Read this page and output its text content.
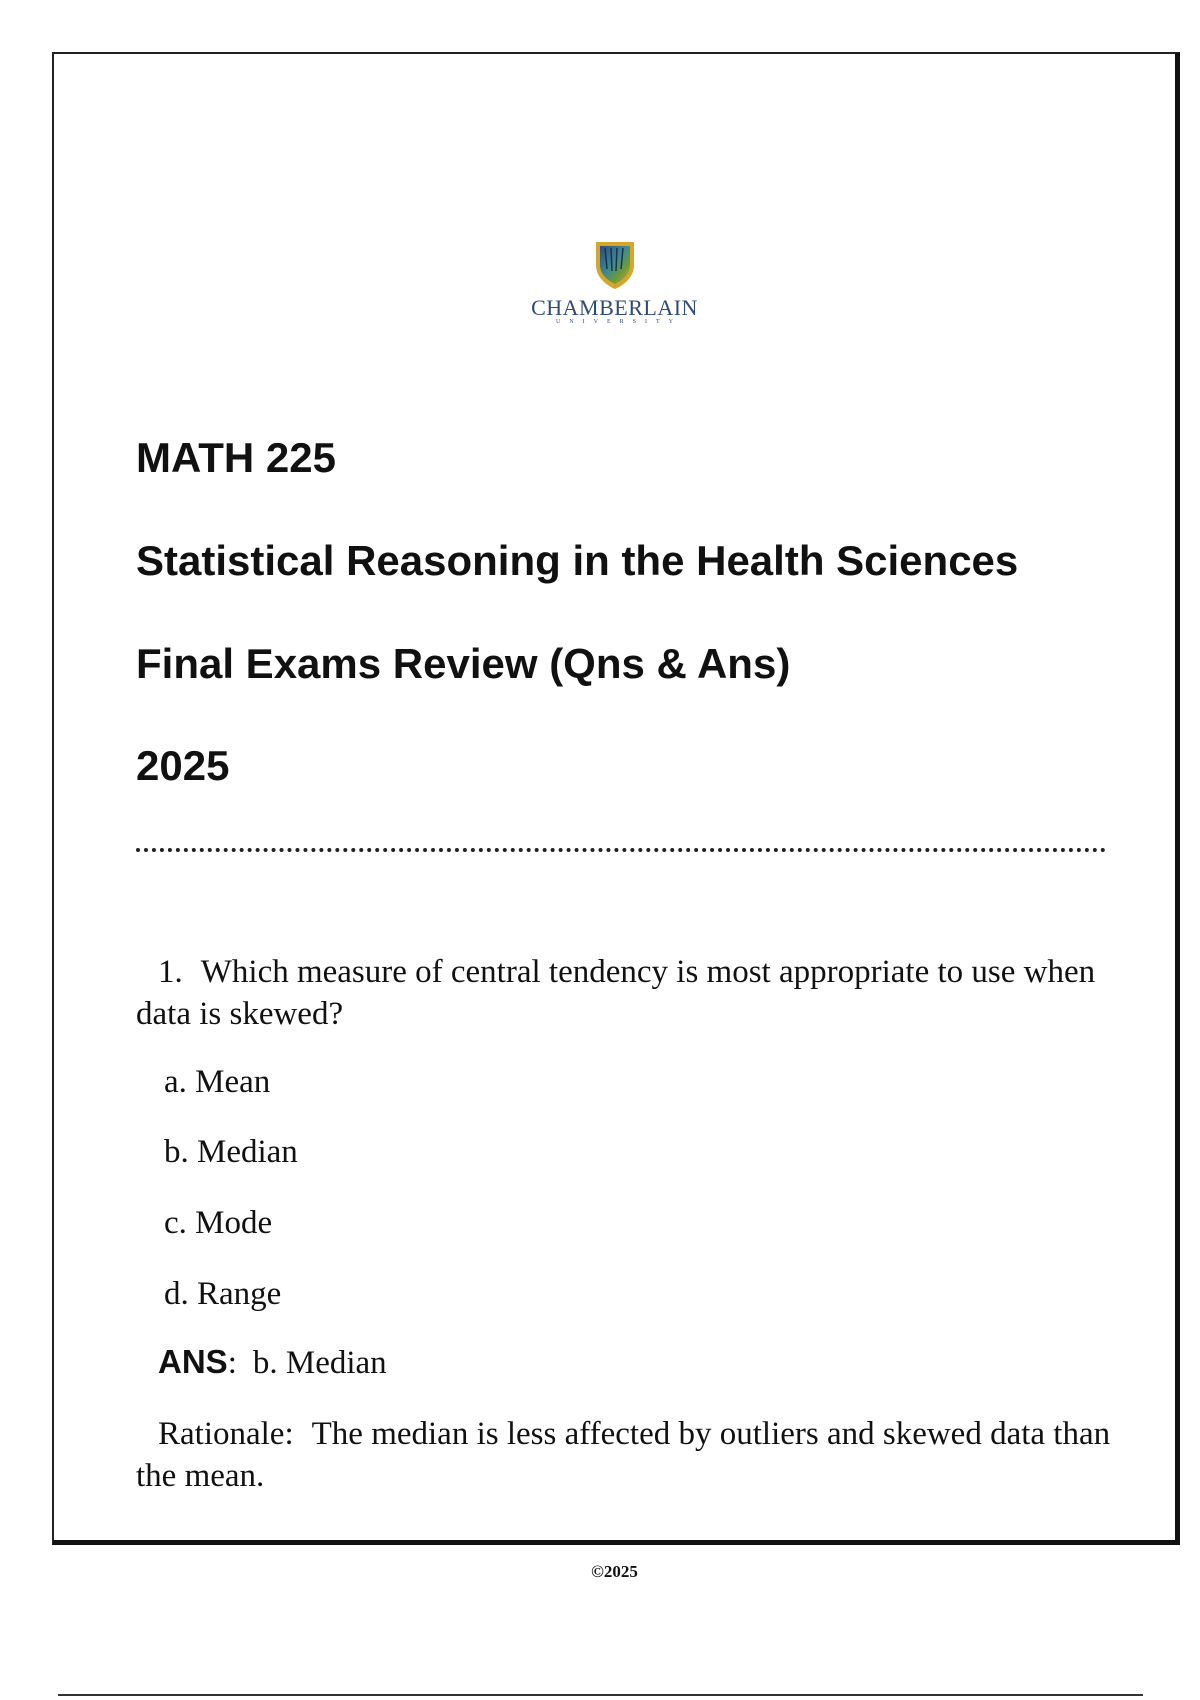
CHAMBERLAIN
UNIVERSITY
MATH 225
Statistical Reasoning in the Health Sciences
Final Exams Review (Qns & Ans)
2025
1. Which measure of central tendency is most appropriate to use when data is skewed?
a. Mean
b. Median
c. Mode
d. Range
ANS: b. Median
Rationale: The median is less affected by outliers and skewed data than the mean.
©2025
